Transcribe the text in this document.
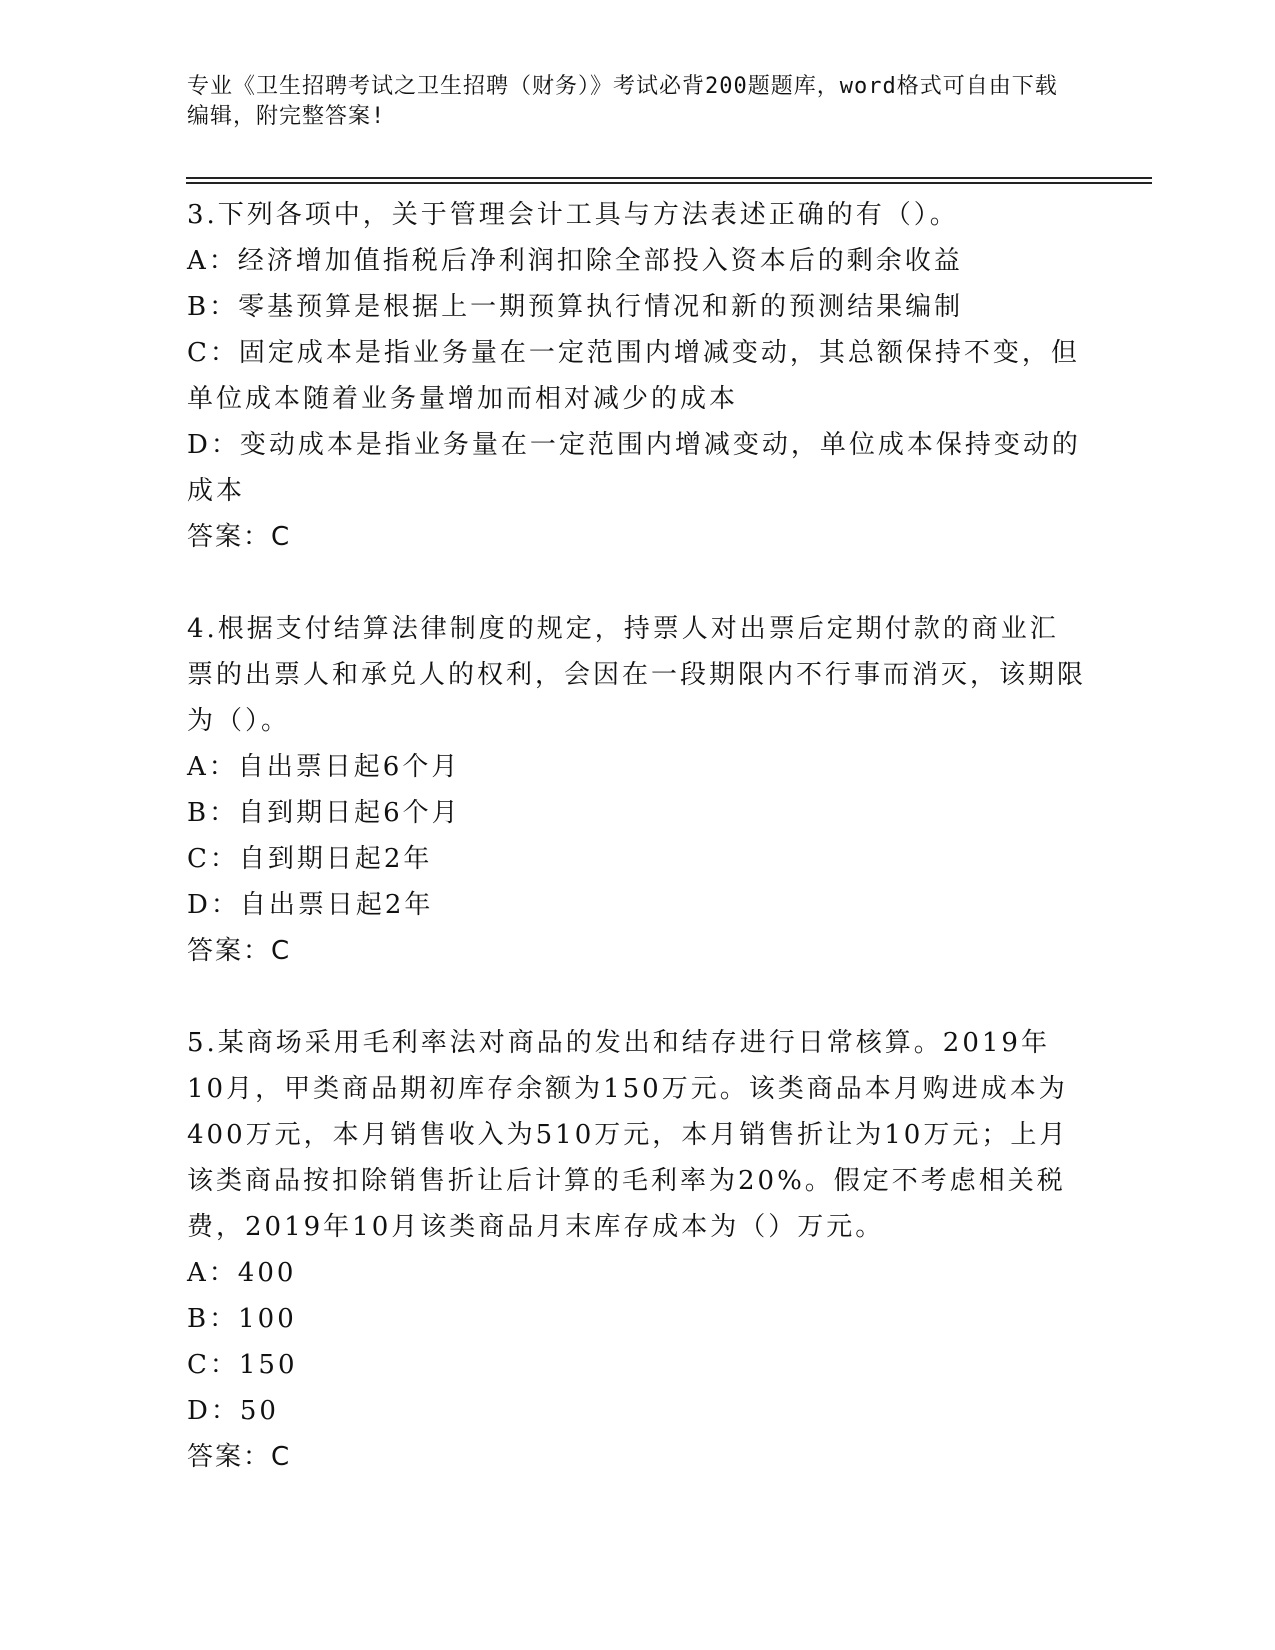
专业《卫生招聘考试之卫生招聘（财务）》考试必背200题题库，word格式可自由下载编辑，附完整答案!

3.下列各项中，关于管理会计工具与方法表述正确的有（）。

A：经济增加值指税后净利润扣除全部投入资本后的剩余收益

B：零基预算是根据上一期预算执行情况和新的预测结果编制

C：固定成本是指业务量在一定范围内增减变动，其总额保持不变，但单位成本随着业务量增加而相对减少的成本

D：变动成本是指业务量在一定范围内增减变动，单位成本保持变动的成本

答案：C

4.根据支付结算法律制度的规定，持票人对出票后定期付款的商业汇票的出票人和承兑人的权利，会因在一段期限内不行事而消灭，该期限为（）。

A：自出票日起6个月

B：自到期日起6个月

C：自到期日起2年

D：自出票日起2年

答案：C

5.某商场采用毛利率法对商品的发出和结存进行日常核算。2019年10月，甲类商品期初库存余额为150万元。该类商品本月购进成本为400万元，本月销售收入为510万元，本月销售折让为10万元；上月该类商品按扣除销售折让后计算的毛利率为20%。假定不考虑相关税费，2019年10月该类商品月末库存成本为（）万元。

A：400

B：100

C：150

D：50

答案：C
